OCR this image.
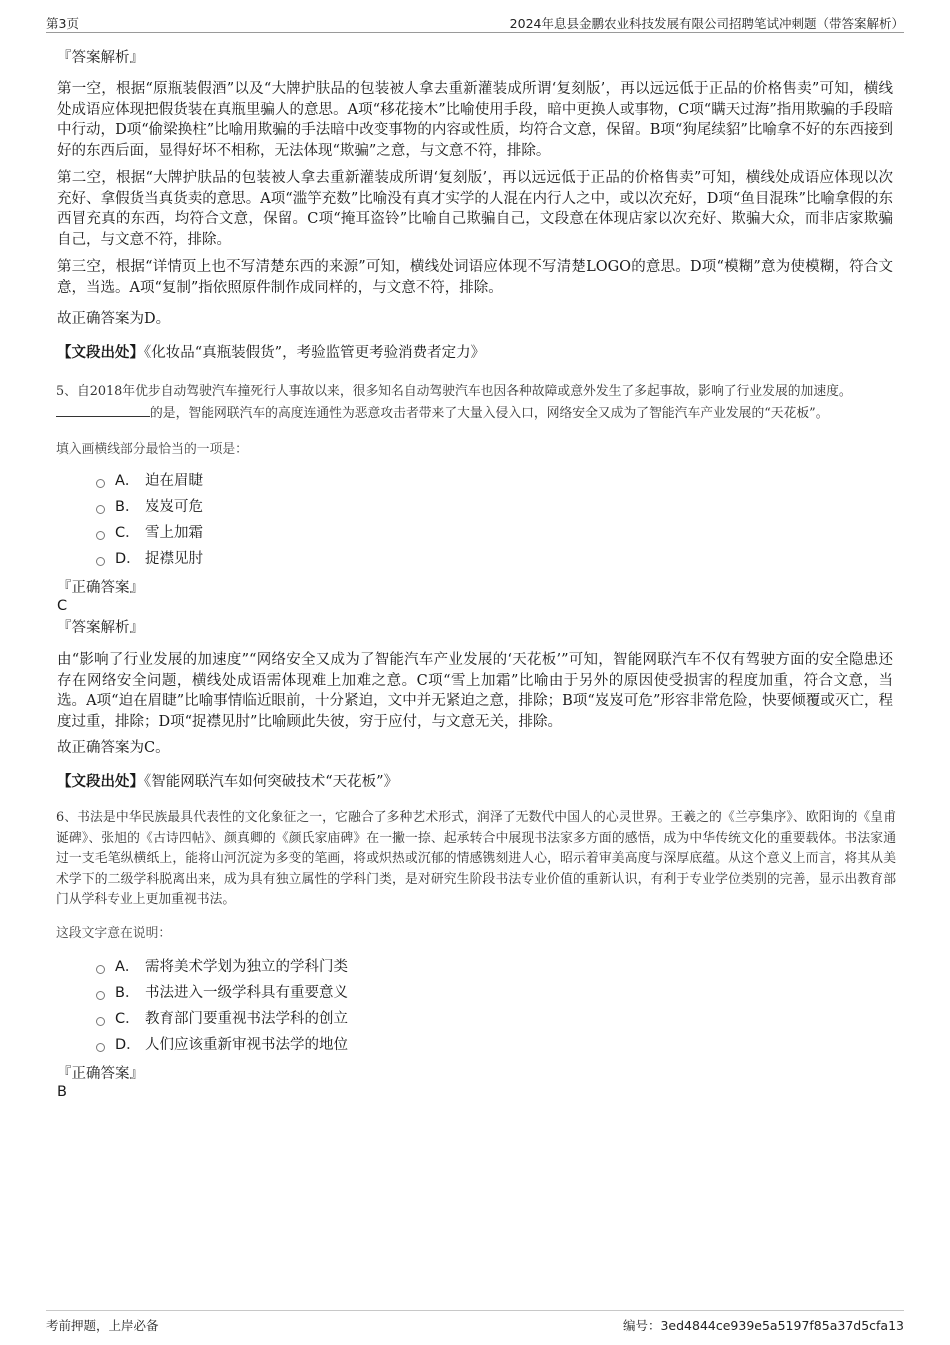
第3页	2024年息县金鹏农业科技发展有限公司招聘笔试冲刺题（带答案解析）
『答案解析』
第一空，根据“原瓶装假酒”以及“大牌护肤品的包装被人拿去重新灌装成所谓‘复刻版’，再以远远低于正品的价格售卖”可知，横线处成语应体现把假货装在真瓶里骗人的意思。A项“移花接木”比喻使用手段，暗中更换人或事物，C项“瞒天过海”指用欺骗的手段暗中行动，D项“偷梁换柱”比喻用欺骗的手法暗中改变事物的内容或性质，均符合文意，保留。B项“狗尾续貂”比喻拿不好的东西接到好的东西后面，显得好坏不相称，无法体现“欺骗”之意，与文意不符，排除。
第二空，根据“大牌护肤品的包装被人拿去重新灌装成所谓‘复刻版’，再以远远低于正品的价格售卖”可知，横线处成语应体现以次充好、拿假货当真货卖的意思。A项“滥竽充数”比喻没有真才实学的人混在内行人之中，或以次充好，D项“鱼目混珠”比喻拿假的东西冒充真的东西，均符合文意，保留。C项“掩耳盗铃”比喻自己欺骗自己，文段意在体现店家以次充好、欺骗大众，而非店家欺骗自己，与文意不符，排除。
第三空，根据“详情页上也不写清楚东西的来源”可知，横线处词语应体现不写清楚LOGO的意思。D项“模糊”意为使模糊，符合文意，当选。A项“复制”指依照原件制作成同样的，与文意不符，排除。
故正确答案为D。
【文段出处】《化妆品“真瓶装假货”，考验监管更考验消费者定力》
5、自2018年优步自动驾驶汽车撞死行人事故以来，很多知名自动驾驶汽车也因各种故障或意外发生了多起事故，影响了行业发展的加速度。
的是，智能网联汽车的高度连通性为恶意攻击者带来了大量入侵入口，网络安全又成为了智能汽车产业发展的“天花板”。
填入画横线部分最恰当的一项是：
A． 迫在眉睫
B． 岌岌可危
C． 雪上加霜
D． 捉襟见肘
『正确答案』
C
『答案解析』
由“影响了行业发展的加速度”“网络安全又成为了智能汽车产业发展的‘天花板’”可知，智能网联汽车不仅有驾驶方面的安全隐患还存在网络安全问题，横线处成语需体现难上加难之意。C项“雪上加霜”比喻由于另外的原因使受损害的程度加重，符合文意，当选。A项“迫在眉睫”比喻事情临近眼前，十分紧迫，文中并无紧迫之意，排除；B项“岌岌可危”形容非常危险，快要倾覆或灭亡，程度过重，排除；D项“捉襟见肘”比喻顾此失彼，穷于应付，与文意无关，排除。
故正确答案为C。
【文段出处】《智能网联汽车如何突破技术“天花板”》
6、书法是中华民族最具代表性的文化象征之一，它融合了多种艺术形式，润泽了无数代中国人的心灵世界。王羲之的《兰亭集序》、欧阳询的《皇甫诞碑》、张旭的《古诗四帖》、颜真卿的《颜氏家庙碑》在一撇一捺、起承转合中展现书法家多方面的感悟，成为中华传统文化的重要载体。书法家通过一支毛笔纵横纸上，能将山河沉淀为多变的笔画，将或炽热或沉郁的情感镌刻进人心，昭示着审美高度与深厚底蕴。从这个意义上而言，将其从美术学下的二级学科脱离出来，成为具有独立属性的学科门类，是对研究生阶段书法专业价值的重新认识，有利于专业学位类别的完善，显示出教育部门从学科专业上更加重视书法。
这段文字意在说明：
A． 需将美术学划为独立的学科门类
B． 书法进入一级学科具有重要意义
C． 教育部门要重视书法学科的创立
D． 人们应该重新审视书法学的地位
『正确答案』
B
考前押题，上岸必备	编号：3ed4844ce939e5a5197f85a37d5cfa13
